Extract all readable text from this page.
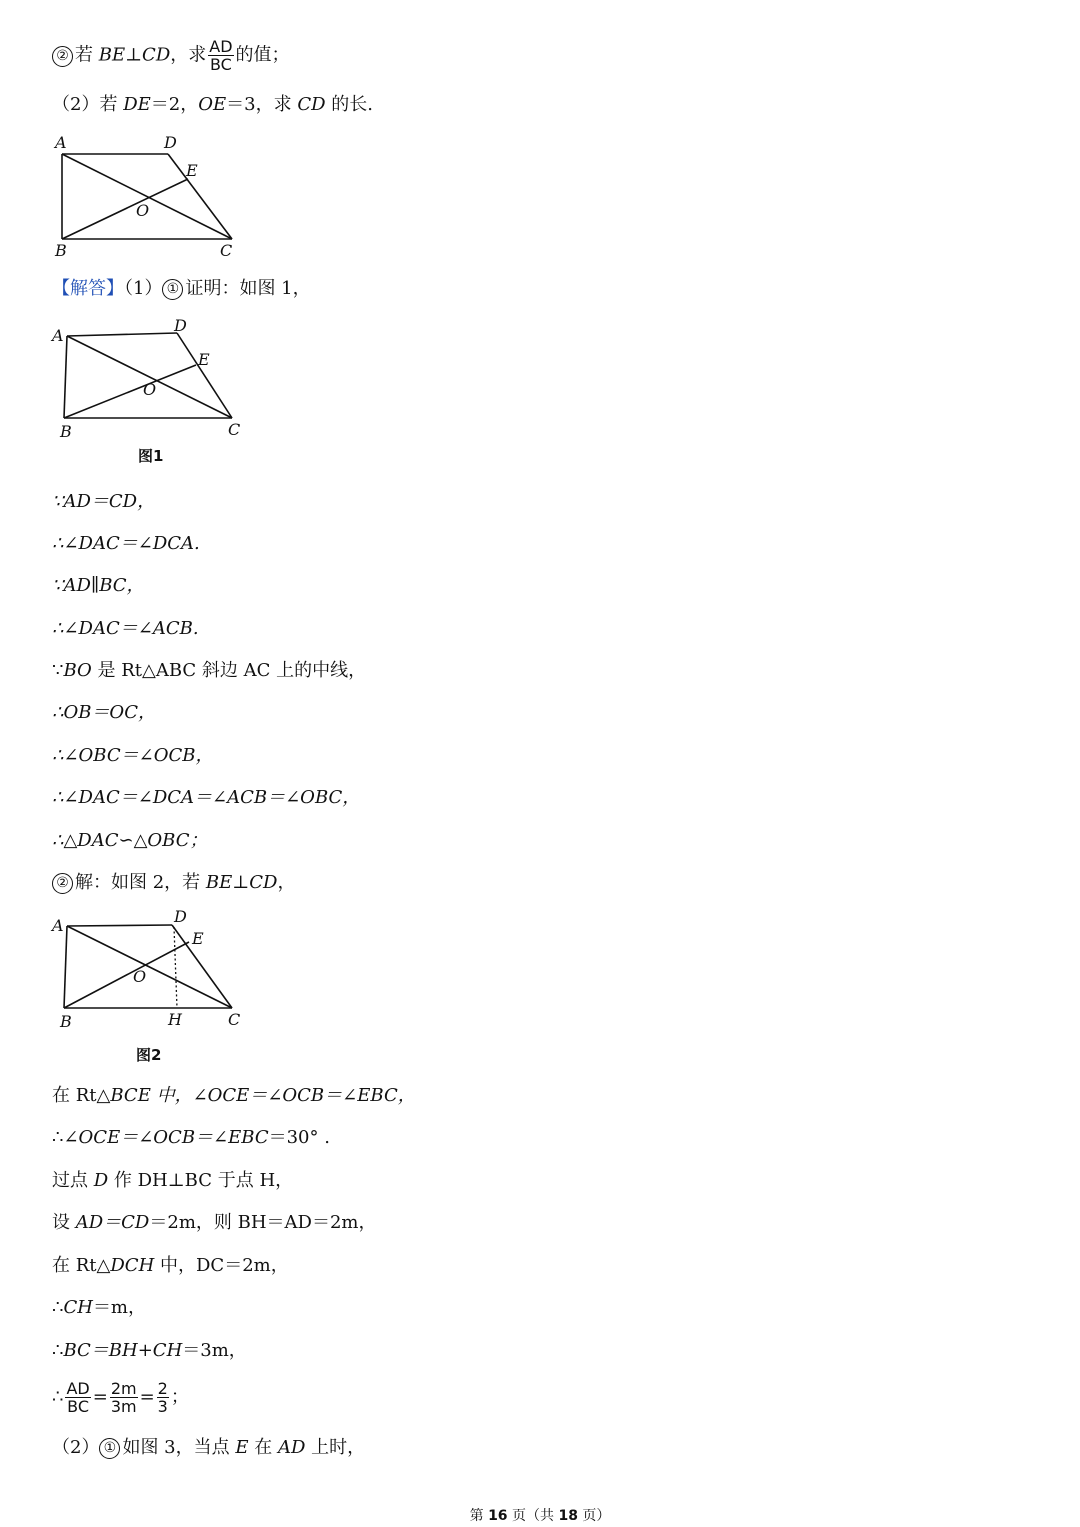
② 若 BE⊥CD，求 $\frac{AD}{BC}$ 的值；
（2）若 DE＝2，OE＝3，求 CD 的长.
A	D
E
O
B	C
【解答】（1） ① 证明：如图 1，
A
D
E
O
B	C
图1
∵AD＝CD，
∴∠DAC＝∠DCA.
∵AD∥BC，
∴∠DAC＝∠ACB.
∵BO 是 Rt△ABC 斜边 AC 上的中线，
∴OB＝OC，
∴∠OBC＝∠OCB，
∴∠DAC＝∠DCA＝∠ACB＝∠OBC，
∴△DAC∽△OBC；
② 解：如图 2，若 BE⊥CD，
A	D
E
O
B	H	C
图2
在 Rt△BCE 中，∠OCE＝∠OCB＝∠EBC，
∴∠OCE＝∠OCB＝∠EBC＝30° .
过点 D 作 DH⊥BC 于点 H，
设 AD＝CD＝2m，则 BH＝AD＝2m，
在 Rt△DCH 中，DC＝2m，
∴CH＝m，
∴BC＝BH+CH＝3m，
∴ $\frac{AD}{BC} = \frac{2m}{3m} = \frac{2}{3}$ ；
（2） ① 如图 3，当点 E 在 AD 上时，
第 16 页（共 18 页）
